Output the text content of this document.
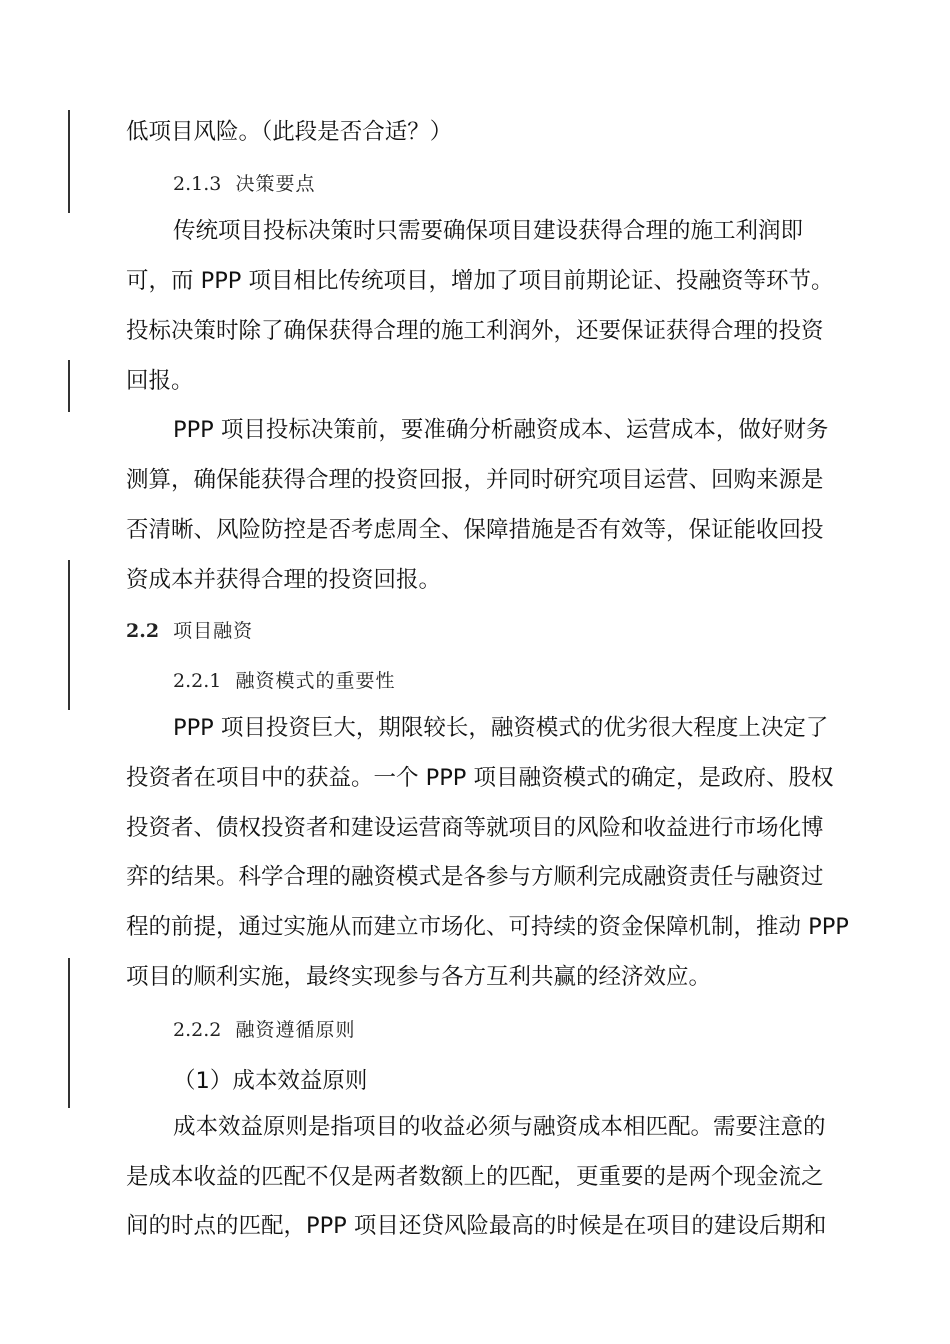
低项目风险。（此段是否合适？）
2.1.3 决策要点
传统项目投标决策时只需要确保项目建设获得合理的施工利润即
可，而 PPP 项目相比传统项目，增加了项目前期论证、投融资等环节。
投标决策时除了确保获得合理的施工利润外，还要保证获得合理的投资
回报。
PPP 项目投标决策前，要准确分析融资成本、运营成本，做好财务
测算，确保能获得合理的投资回报，并同时研究项目运营、回购来源是
否清晰、风险防控是否考虑周全、保障措施是否有效等，保证能收回投
资成本并获得合理的投资回报。
2.2 项目融资
2.2.1 融资模式的重要性
PPP 项目投资巨大，期限较长，融资模式的优劣很大程度上决定了
投资者在项目中的获益。一个 PPP 项目融资模式的确定，是政府、股权
投资者、债权投资者和建设运营商等就项目的风险和收益进行市场化博
弈的结果。科学合理的融资模式是各参与方顺利完成融资责任与融资过
程的前提，通过实施从而建立市场化、可持续的资金保障机制，推动 PPP
项目的顺利实施，最终实现参与各方互利共赢的经济效应。
2.2.2 融资遵循原则
（1）成本效益原则
成本效益原则是指项目的收益必须与融资成本相匹配。需要注意的
是成本收益的匹配不仅是两者数额上的匹配，更重要的是两个现金流之
间的时点的匹配，PPP 项目还贷风险最高的时候是在项目的建设后期和
